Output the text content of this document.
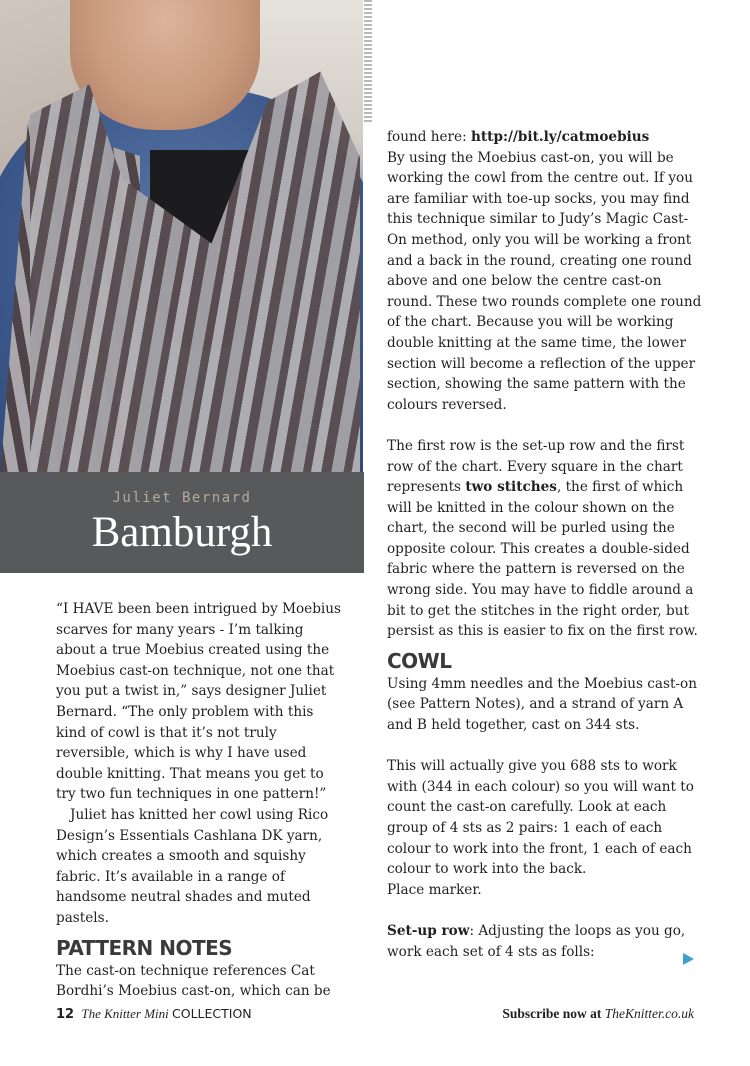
Juliet Bernard
Bamburgh

“I HAVE been been intrigued by Moebius scarves for many years - I’m talking about a true Moebius created using the Moebius cast-on technique, not one that you put a twist in,” says designer Juliet Bernard. “The only problem with this kind of cowl is that it’s not truly reversible, which is why I have used double knitting. That means you get to try two fun techniques in one pattern!”

Juliet has knitted her cowl using Rico Design’s Essentials Cashlana DK yarn, which creates a smooth and squishy fabric. It’s available in a range of handsome neutral shades and muted pastels.

PATTERN NOTES

The cast-on technique references Cat Bordhi’s Moebius cast-on, which can be

found here: http://bit.ly/catmoebius

By using the Moebius cast-on, you will be working the cowl from the centre out. If you are familiar with toe-up socks, you may find this technique similar to Judy’s Magic Cast-On method, only you will be working a front and a back in the round, creating one round above and one below the centre cast-on round. These two rounds complete one round of the chart. Because you will be working double knitting at the same time, the lower section will become a reflection of the upper section, showing the same pattern with the colours reversed.

The first row is the set-up row and the first row of the chart. Every square in the chart represents two stitches, the first of which will be knitted in the colour shown on the chart, the second will be purled using the opposite colour. This creates a double-sided fabric where the pattern is reversed on the wrong side. You may have to fiddle around a bit to get the stitches in the right order, but persist as this is easier to fix on the first row.

COWL

Using 4mm needles and the Moebius cast-on (see Pattern Notes), and a strand of yarn A and B held together, cast on 344 sts.

This will actually give you 688 sts to work with (344 in each colour) so you will want to count the cast-on carefully. Look at each group of 4 sts as 2 pairs: 1 each of each colour to work into the front, 1 each of each colour to work into the back.

Place marker.

Set-up row: Adjusting the loops as you go, work each set of 4 sts as folls:

12 The Knitter Mini COLLECTION	Subscribe now at TheKnitter.co.uk
